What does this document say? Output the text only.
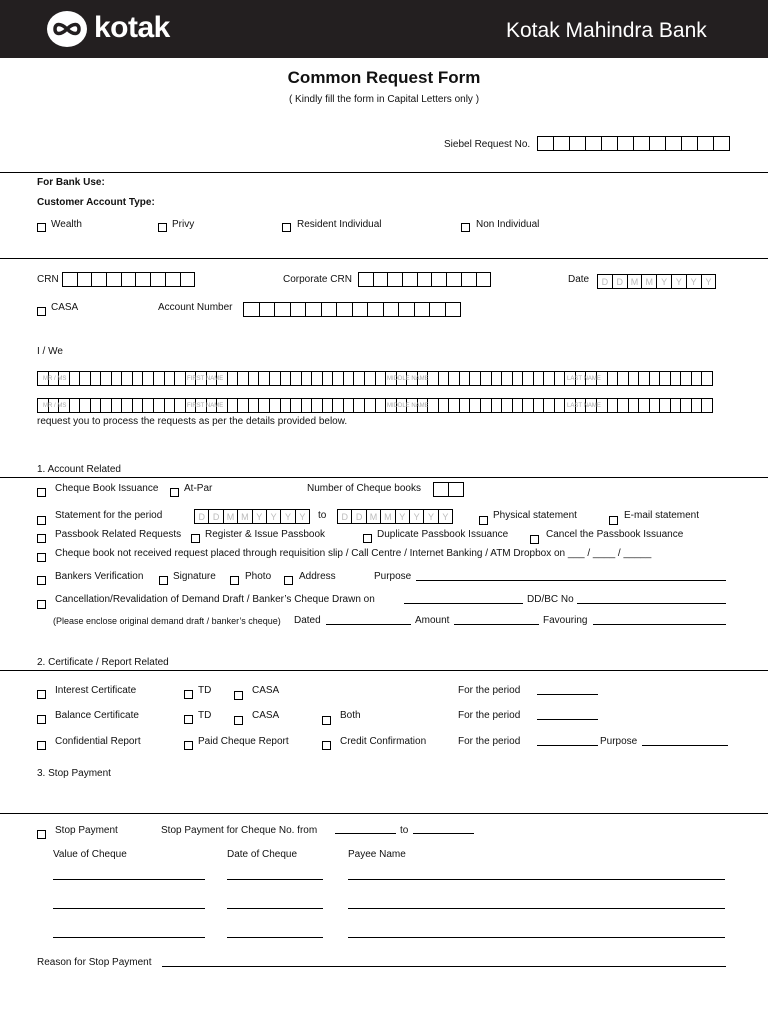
kotak	Kotak Mahindra Bank
Common Request Form
( Kindly fill the form in Capital Letters only )
Siebel Request No.
For Bank Use:
Customer Account Type:
Wealth	Privy	Resident Individual	Non Individual
CRN	Corporate CRN	Date	D D M M Y Y Y Y
CASA	Account Number
I / We
MR / MS	FIRST NAME	MIDDLE NAME	LAST NAME
MR / MS	FIRST NAME	MIDDLE NAME	LAST NAME
request you to process the requests as per the details provided below.
1. Account Related
Cheque Book Issuance	At-Par	Number of Cheque books
Statement for the period	D D M M Y Y Y Y	to	D D M M Y Y Y Y	Physical statement	E-mail statement
Passbook Related Requests Register & Issue Passbook	Duplicate Passbook Issuance	Cancel the Passbook Issuance
Cheque book not received request placed through requisition slip / Call Centre / Internet Banking / ATM Dropbox on ___ / ____ / _____
Bankers Verification	Signature	Photo	Address	Purpose
Cancellation/Revalidation of Demand Draft / Banker’s Cheque Drawn on	DD/BC No
(Please enclose original demand draft / banker’s cheque) Dated	Amount	Favouring
2. Certificate / Report Related
Interest Certificate	TD	CASA	For the period
Balance Certificate	TD	CASA	Both	For the period
Confidential Report	Paid Cheque Report	Credit Confirmation	For the period	Purpose
3. Stop Payment
Stop Payment	Stop Payment for Cheque No. from	to
Value of Cheque	Date of Cheque	Payee Name
Reason for Stop Payment
